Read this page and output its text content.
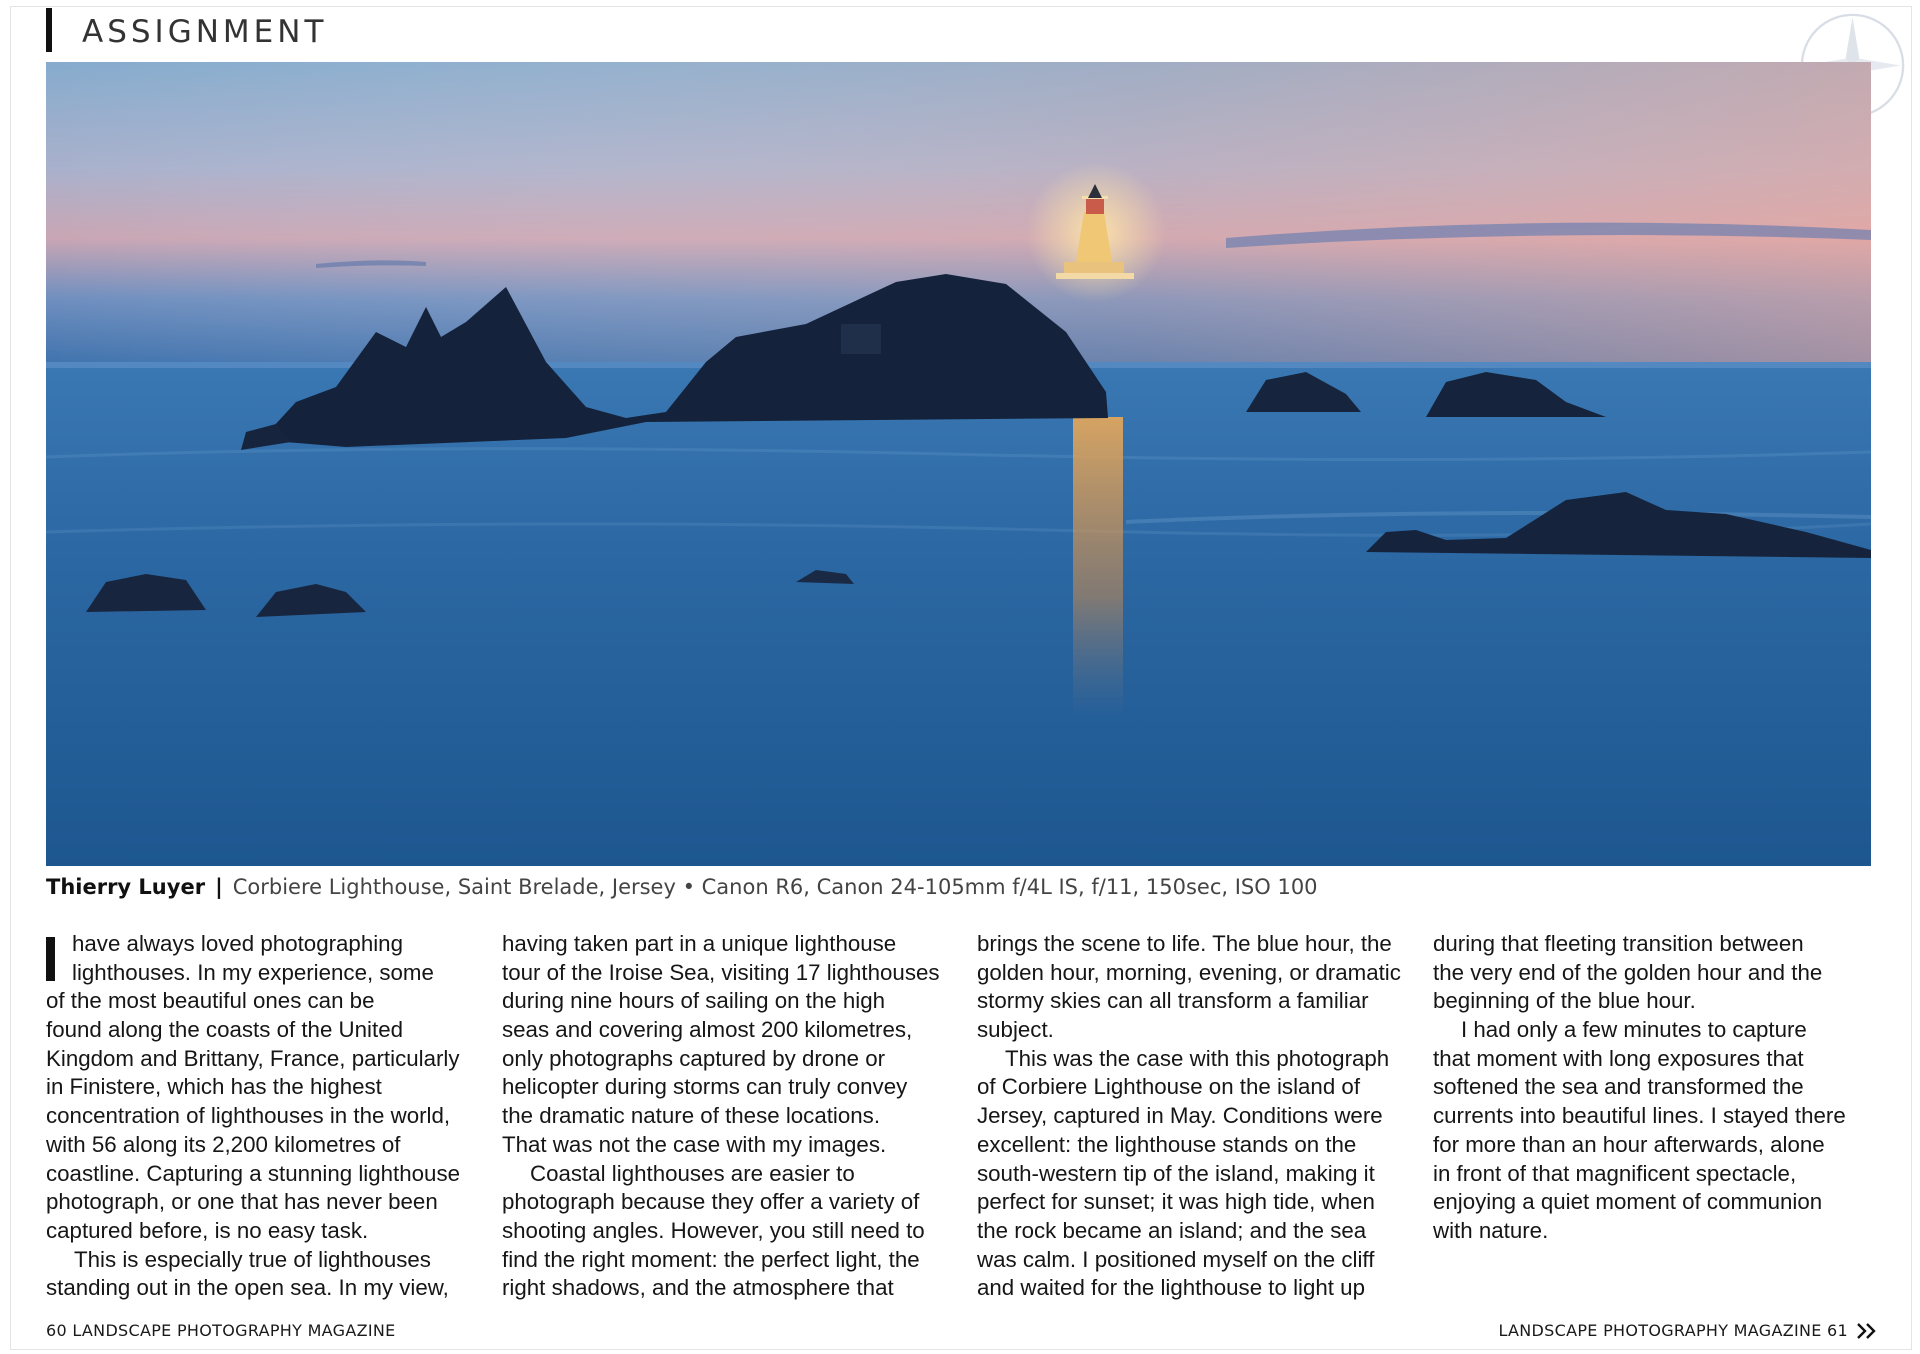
ASSIGNMENT
Thierry Luyer | Corbiere Lighthouse, Saint Brelade, Jersey • Canon R6, Canon 24-105mm f/4L IS, f/11, 150sec, ISO 100
have always loved photographing
lighthouses. In my experience, some
of the most beautiful ones can be
found along the coasts of the United
Kingdom and Brittany, France, particularly
in Finistere, which has the highest
concentration of lighthouses in the world,
with 56 along its 2,200 kilometres of
coastline. Capturing a stunning lighthouse
photograph, or one that has never been
captured before, is no easy task.
This is especially true of lighthouses
standing out in the open sea. In my view,
having taken part in a unique lighthouse
tour of the Iroise Sea, visiting 17 lighthouses
during nine hours of sailing on the high
seas and covering almost 200 kilometres,
only photographs captured by drone or
helicopter during storms can truly convey
the dramatic nature of these locations.
That was not the case with my images.
Coastal lighthouses are easier to
photograph because they offer a variety of
shooting angles. However, you still need to
find the right moment: the perfect light, the
right shadows, and the atmosphere that
brings the scene to life. The blue hour, the
golden hour, morning, evening, or dramatic
stormy skies can all transform a familiar
subject.
This was the case with this photograph
of Corbiere Lighthouse on the island of
Jersey, captured in May. Conditions were
excellent: the lighthouse stands on the
south-western tip of the island, making it
perfect for sunset; it was high tide, when
the rock became an island; and the sea
was calm. I positioned myself on the cliff
and waited for the lighthouse to light up
during that fleeting transition between
the very end of the golden hour and the
beginning of the blue hour.
I had only a few minutes to capture
that moment with long exposures that
softened the sea and transformed the
currents into beautiful lines. I stayed there
for more than an hour afterwards, alone
in front of that magnificent spectacle,
enjoying a quiet moment of communion
with nature.
60 LANDSCAPE PHOTOGRAPHY MAGAZINE	LANDSCAPE PHOTOGRAPHY MAGAZINE 61
